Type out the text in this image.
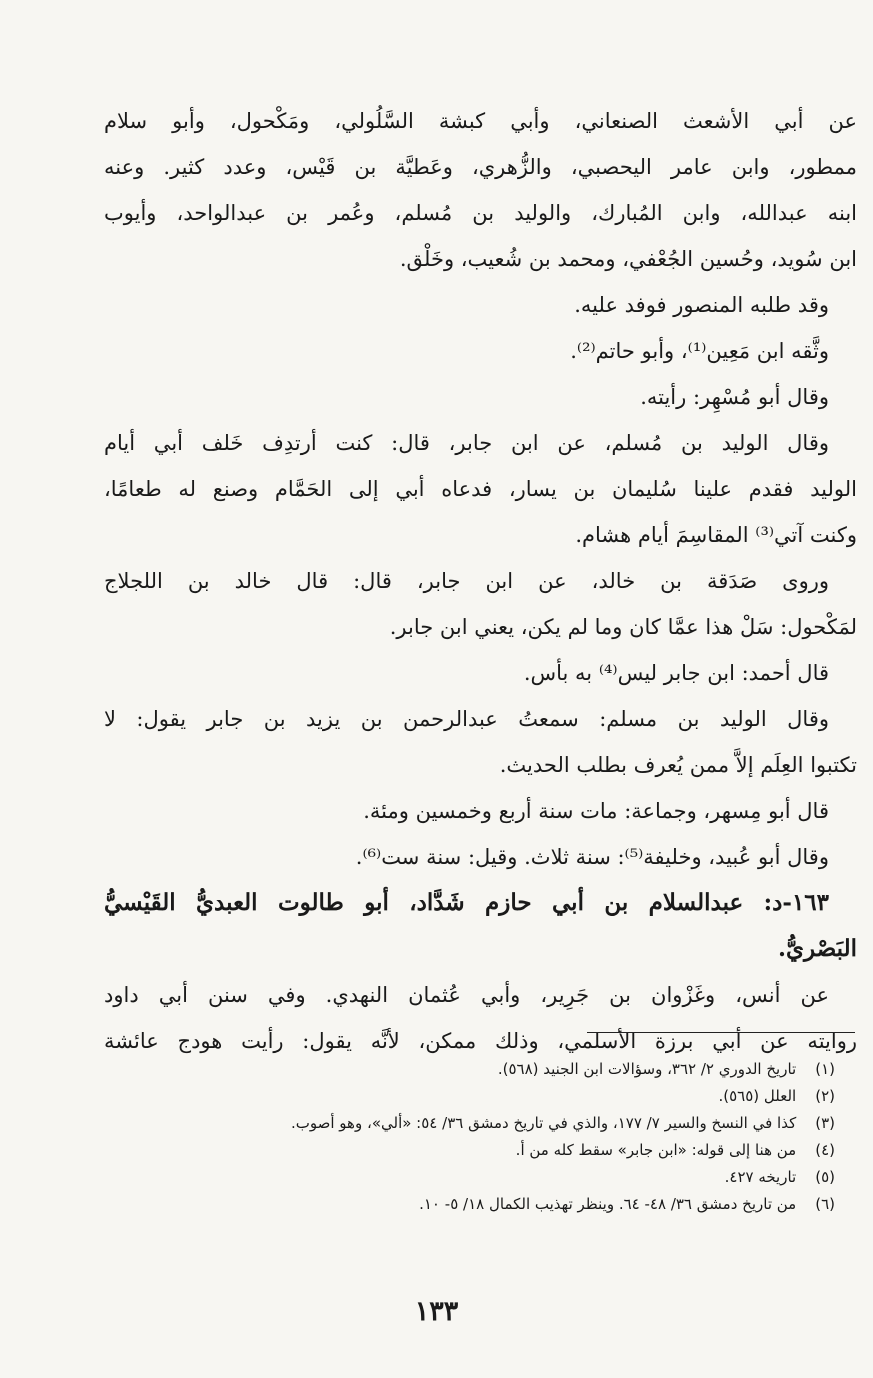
عن أبي الأشعث الصنعاني، وأبي كبشة السَّلُولي، ومَكْحول، وأبو سلام
ممطور، وابن عامر اليحصبي، والزُّهري، وعَطيَّة بن قَيْس، وعدد كثير. وعنه
ابنه عبدالله، وابن المُبارك، والوليد بن مُسلم، وعُمر بن عبدالواحد، وأيوب
ابن سُويد، وحُسين الجُعْفي، ومحمد بن شُعيب، وخَلْق.
وقد طلبه المنصور فوفد عليه.
وثَّقه ابن مَعِين⁽¹⁾، وأبو حاتم⁽²⁾.
وقال أبو مُسْهِر: رأيته.
وقال الوليد بن مُسلم، عن ابن جابر، قال: كنت أرتدِف خَلف أبي أيام
الوليد فقدم علينا سُليمان بن يسار، فدعاه أبي إلى الحَمَّام وصنع له طعامًا،
وكنت آتي⁽³⁾ المقاسِمَ أيام هشام.
وروى صَدَقة بن خالد، عن ابن جابر، قال: قال خالد بن اللجلاج
لمَكْحول: سَلْ هذا عمَّا كان وما لم يكن، يعني ابن جابر.
قال أحمد: ابن جابر ليس⁽⁴⁾ به بأس.
وقال الوليد بن مسلم: سمعتُ عبدالرحمن بن يزيد بن جابر يقول: لا
تكتبوا العِلَم إلاَّ ممن يُعرف بطلب الحديث.
قال أبو مِسهر، وجماعة: مات سنة أربع وخمسين ومئة.
وقال أبو عُبيد، وخليفة⁽⁵⁾: سنة ثلاث. وقيل: سنة ست⁽⁶⁾.
١٦٣-د: عبدالسلام بن أبي حازم شَدَّاد، أبو طالوت العبديُّ القَيْسيُّ
البَصْريُّ.
عن أنس، وغَزْوان بن جَرِير، وأبي عُثمان النهدي. وفي سنن أبي داود
روايته عن أبي برزة الأسلمي، وذلك ممكن، لأنَّه يقول: رأيت هودج عائشة
(١) تاريخ الدوري ٢/ ٣٦٢، وسؤالات ابن الجنيد (٥٦٨).
(٢) العلل (٥٦٥).
(٣) كذا في النسخ والسير ٧/ ١٧٧، والذي في تاريخ دمشق ٣٦/ ٥٤: «ألي»، وهو أصوب.
(٤) من هنا إلى قوله: «ابن جابر» سقط كله من أ.
(٥) تاريخه ٤٢٧.
(٦) من تاريخ دمشق ٣٦/ ٤٨- ٦٤. وينظر تهذيب الكمال ١٨/ ٥- ١٠.
١٣٣
